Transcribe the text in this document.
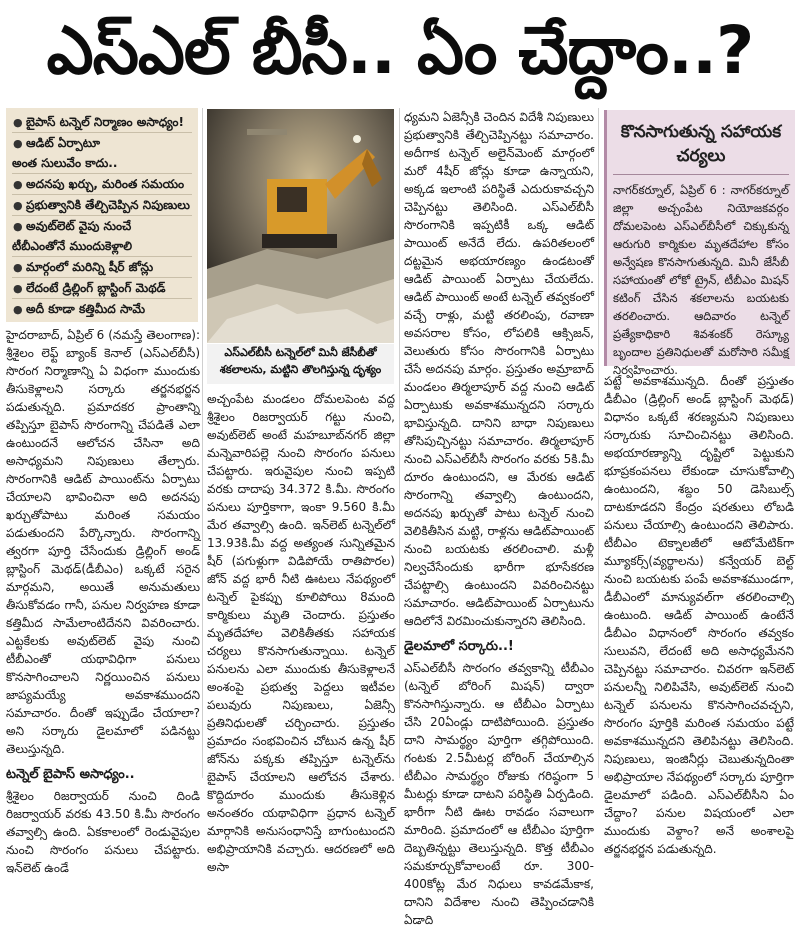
ఎస్ఎల్ బీసీ.. ఏం చేద్దాం..?
● బైపాస్ టన్నెల్ నిర్మాణం అసాధ్యం!
● ఆడిట్ ఏర్పాటూ
అంత సులువేం కాదు..
● అదనపు ఖర్చు, మరింత సమయం
● ప్రభుత్వానికి తేల్చిచెప్పిన నిపుణులు
● అవుట్‌లెట్ వైపు నుంచే
టీబీఎంతోనే ముందుకెళ్లాలి
● మార్గంలో మరిన్ని షీర్ జోన్లు
● లేదంటే డ్రిల్లింగ్ బ్లాస్టింగ్ మెథడ్
● అదీ కూడా కత్తిమీద సామే

హైదరాబాద్, ఏప్రిల్ 6 (నమస్తే తెలంగాణ): శ్రీశైలం లెఫ్ట్ బ్యాంక్ కెనాల్ (ఎస్ఎల్‌బీసీ) సొరంగ నిర్మాణాన్ని ఏ విధంగా ముందుకు తీసుకెళ్లాలని సర్కారు తర్జనభర్జన పడుతున్నది. ప్రమాదకర ప్రాంతాన్ని తప్పిస్తూ బైపాస్ సొరంగాన్ని చేపడితే ఎలా ఉంటుందనే ఆలోచన చేసినా అది అసాధ్యమని నిపుణులు తేల్చారు. సొరంగానికి ఆడిట్ పాయింట్‌ను ఏర్పాటు చేయాలని భావించినా అది అదనపు ఖర్చుతోపాటు మరింత సమయం పడుతుందని పేర్కొన్నారు. సొరంగాన్ని త్వరగా పూర్తి చేసేందుకు డ్రిల్లింగ్ అండ్ బ్లాస్టింగ్ మెథడ్(డీబీఎం) ఒక్కటే సరైన మార్గమని, అయితే అనుమతులు తీసుకోవడం గానీ, పనుల నిర్వహణ కూడా కత్తిమీద సామేలాంటిదేనని వివరించారు. ఎట్టకేలకు అవుట్‌లెట్ వైపు నుంచి టీబీఎంతో యథావిధిగా పనులు కొనసాగించాలని నిర్ణయించిన పనులు జాప్యమయ్యే అవకాశముందని సమాచారం. దీంతో ఇప్పుడేం చేయాలా? అని సర్కారు డైలమాలో పడినట్టు తెలుస్తున్నది.

టన్నెల్ బైపాస్ అసాధ్యం..

శ్రీశైలం రిజర్వాయర్ నుంచి దిండి రిజర్వాయర్ వరకు 43.50 కి.మీ సొరంగం తవ్వాల్సి ఉంది. ఏకకాలంలో రెండువైపుల నుంచి సొరంగం పనులు చేపట్టారు. ఇన్‌లెట్ ఉండే

ఎస్ఎల్‌బీసీ టన్నెల్‌లో మినీ జేసీబీతో శకలాలను, మట్టిని తొలగిస్తున్న దృశ్యం

అచ్చంపేట మండలం దోమలపెంట వద్ద శ్రీశైలం రిజర్వాయర్ గట్టు నుంచి, అవుట్‌లెట్ అంటే మహబూబ్‌నగర్ జిల్లా మన్నెవారిపల్లె నుంచి సొరంగం పనులు చేపట్టారు. ఇరువైపుల నుంచి ఇప్పటి వరకు దాదాపు 34.372 కి.మీ. సొరంగం పనులు పూర్తికాగా, ఇంకా 9.560 కి.మీ మేర తవ్వాల్సి ఉంది. ఇన్‌లెట్ టన్నెల్‌లో 13.93కి.మీ వద్ద అత్యంత సున్నితమైన షీర్ (పగుళ్లుగా విడిపోయే రాతిపొరల) జోన్ వద్ద భారీ నీటి ఊటలు నేపథ్యంలో టన్నెల్ పైకప్పు కూలిపోయి 8మంది కార్మికులు మృతి చెందారు. ప్రస్తుతం మృతదేహాల వెలికితీతకు సహాయక చర్యలు కొనసాగుతున్నాయి. టన్నెల్ పనులను ఎలా ముందుకు తీసుకెళ్లాలనే అంశంపై ప్రభుత్వ పెద్దలు ఇటీవల పలువురు నిపుణులు, ఏజెన్సీ ప్రతినిధులతో చర్చించారు. ప్రస్తుతం ప్రమాదం సంభవించిన చోటున ఉన్న షీర్ జోన్‌ను పక్కకు తప్పిస్తూ టన్నెల్‌ను బైపాస్ చేయాలని ఆలోచన చేశారు. కొద్దిదూరం ముందుకు తీసుకెళ్లిన అనంతరం యథావిధిగా ప్రధాన టన్నెల్ మార్గానికి అనుసంధానిస్తే బాగుంటుందని అభిప్రాయానికి వచ్చారు. ఆదరణలో అది అసా

ధ్యమని ఏజెన్సీకి చెందిన విదేశీ నిపుణులు ప్రభుత్వానికి తేల్చిచెప్పినట్టు సమాచారం. అదీగాక టన్నెల్ అలైన్‌మెంట్ మార్గంలో మరో 4షీర్ జోన్లు కూడా ఉన్నాయని, అక్కడ ఇలాంటి పరిస్థితే ఎదురుకావచ్చని చెప్పినట్టు తెలిసింది. ఎస్ఎల్‌బీసీ సొరంగానికి ఇప్పటికీ ఒక్క ఆడిట్ పాయింట్ అనేదే లేదు. ఉపరితలంలో దట్టమైన అభయారణ్యం ఉండటంతో ఆడిట్ పాయింట్ ఏర్పాటు చేయలేదు. ఆడిట్ పాయింట్ అంటే టన్నెల్ తవ్వకంలో వచ్చే రాళ్లు, మట్టి తరలింపు, రవాణా అవసరాల కోసం, లోపలికి ఆక్సిజన్, వెలుతురు కోసం సొరంగానికి ఏర్పాటు చేసే అదనపు మార్గం. ప్రస్తుతం అమ్రాబాద్ మండలం తిర్మలాపూర్ వద్ద నుంచి ఆడిట్ ఏర్పాటుకు అవకాశమున్నదని సర్కారు భావిస్తున్నది. దానిని బాధా నిపుణులు తోసిపుచ్చినట్టు సమాచారం. తిర్మలాపూర్ నుంచి ఎస్ఎల్‌బీసీ సొరంగం వరకు 5కి.మీ దూరం ఉంటుందని, ఆ మేరకు ఆడిట్ సొరంగాన్ని తవ్వాల్సి ఉంటుందని, అదనపు ఖర్చుతో పాటు టన్నెల్ నుంచి వెలికితీసిన మట్టి, రాళ్లను ఆడిట్‌పాయింట్ నుంచి బయటకు తరలించాలి. మళ్లీ నిల్వచేసేందుకు భారీగా భూసేకరణ చేపట్టాల్సి ఉంటుందని వివరించినట్టు సమాచారం. ఆడిట్‌పాయింట్ ఏర్పాటును ఆదిలోనే విరమించుకున్నారని తెలిసింది.

డైలమాలో సర్కారు..!

ఎస్ఎల్‌బీసీ సొరంగం తవ్వకాన్ని టీబీఎం (టన్నెల్ బోరింగ్ మిషన్) ద్వారా కొనసాగిస్తున్నారు. ఆ టీబీఎం ఏర్పాటు చేసి 20ఏండ్లు దాటిపోయింది. ప్రస్తుతం దాని సామర్థ్యం పూర్తిగా తగ్గిపోయింది. గంటకు 2.5మీటర్ల బోరింగ్ చేయాల్సిన టీబీఎం సామర్థ్యం రోజుకు గరిష్ఠంగా 5 మీటర్లు కూడా దాటని పరిస్థితి ఏర్పడింది. భారీగా నీటి ఊట రావడం సవాలుగా మారింది. ప్రమాదంలో ఆ టీబీఎం పూర్తిగా దెబ్బతిన్నట్టు తెలుస్తున్నది. కొత్త టీబీఎం సమకూర్చుకోవాలంటే రూ. 300-400కోట్ల మేర నిధులు కావడమేకాక, దానిని విదేశాల నుంచి తెప్పించడానికి ఏడాది

కొనసాగుతున్న సహాయక చర్యలు
నాగర్‌కర్నూల్, ఏప్రిల్ 6 : నాగర్‌కర్నూల్ జిల్లా అచ్చంపేట నియోజకవర్గం దోమలపెంట ఎస్ఎల్‌బీసీలో చిక్కుకున్న ఆరుగురి కార్మికుల మృతదేహాల కోసం అన్వేషణ కొనసాగుతున్నది. మినీ జేసీబీ సహాయంతో లోకో ట్రైన్, టీబీఎం మిషన్ కటింగ్ చేసిన శకలాలను బయటకు తరలించారు. ఆదివారం టన్నెల్ ప్రత్యేకాధికారి శివశంకర్ రెస్క్యూ బృందాల ప్రతినిధులతో మరోసారి సమీక్ష నిర్వహించారు.

పట్టే అవకాశమున్నది. దీంతో ప్రస్తుతం డీబీఎం (డ్రిల్లింగ్ అండ్ బ్లాస్టింగ్ మెథడ్) విధానం ఒక్కటే శరణ్యమని నిపుణులు సర్కారుకు సూచించినట్టు తెలిసింది. అభయారణ్యాన్ని దృష్టిలో పెట్టుకుని భూప్రకంపనలు లేకుండా చూసుకోవాల్సి ఉంటుందని, శబ్దం 50 డెసిబుల్స్ దాటకూడదని కేంద్రం షరతులు లోబడి పనులు చేయాల్సి ఉంటుందని తెలిపారు. టీబీఎం టెక్నాలజీలో ఆటోమేటిక్‌గా మ్యూకర్స్(వ్యర్థాలను) కన్వేయర్ బెల్ట్ నుంచి బయటకు పంపే అవకాశముండగా, డీబీఎంలో మాన్యువల్‌గా తరలించాల్సి ఉంటుంది. ఆడిట్ పాయింట్ ఉంటేనే డీబీఎం విధానంలో సొరంగం తవ్వకం సులువని, లేదంటే అది అసాధ్యమేనని చెప్పినట్టు సమాచారం. చివరగా ఇన్‌లెట్ పనులన్నీ నిలిపివేసి, అవుట్‌లెట్ నుంచి టన్నెల్ పనులను కొనసాగించవచ్చని, సొరంగం పూర్తికి మరింత సమయం పట్టే అవకాశమున్నదని తెలిపినట్టు తెలిసింది. నిపుణులు, ఇంజినీర్లు చెబుతున్నదింతా అభిప్రాయాల నేపథ్యంలో సర్కారు పూర్తిగా డైలమాలో పడింది. ఎస్ఎల్‌బీసీని ఏం చేద్దాం? పనుల విషయంలో ఎలా ముందుకు వెళ్దాం? అనే అంశాలపై తర్జనభర్జన పడుతున్నది.
